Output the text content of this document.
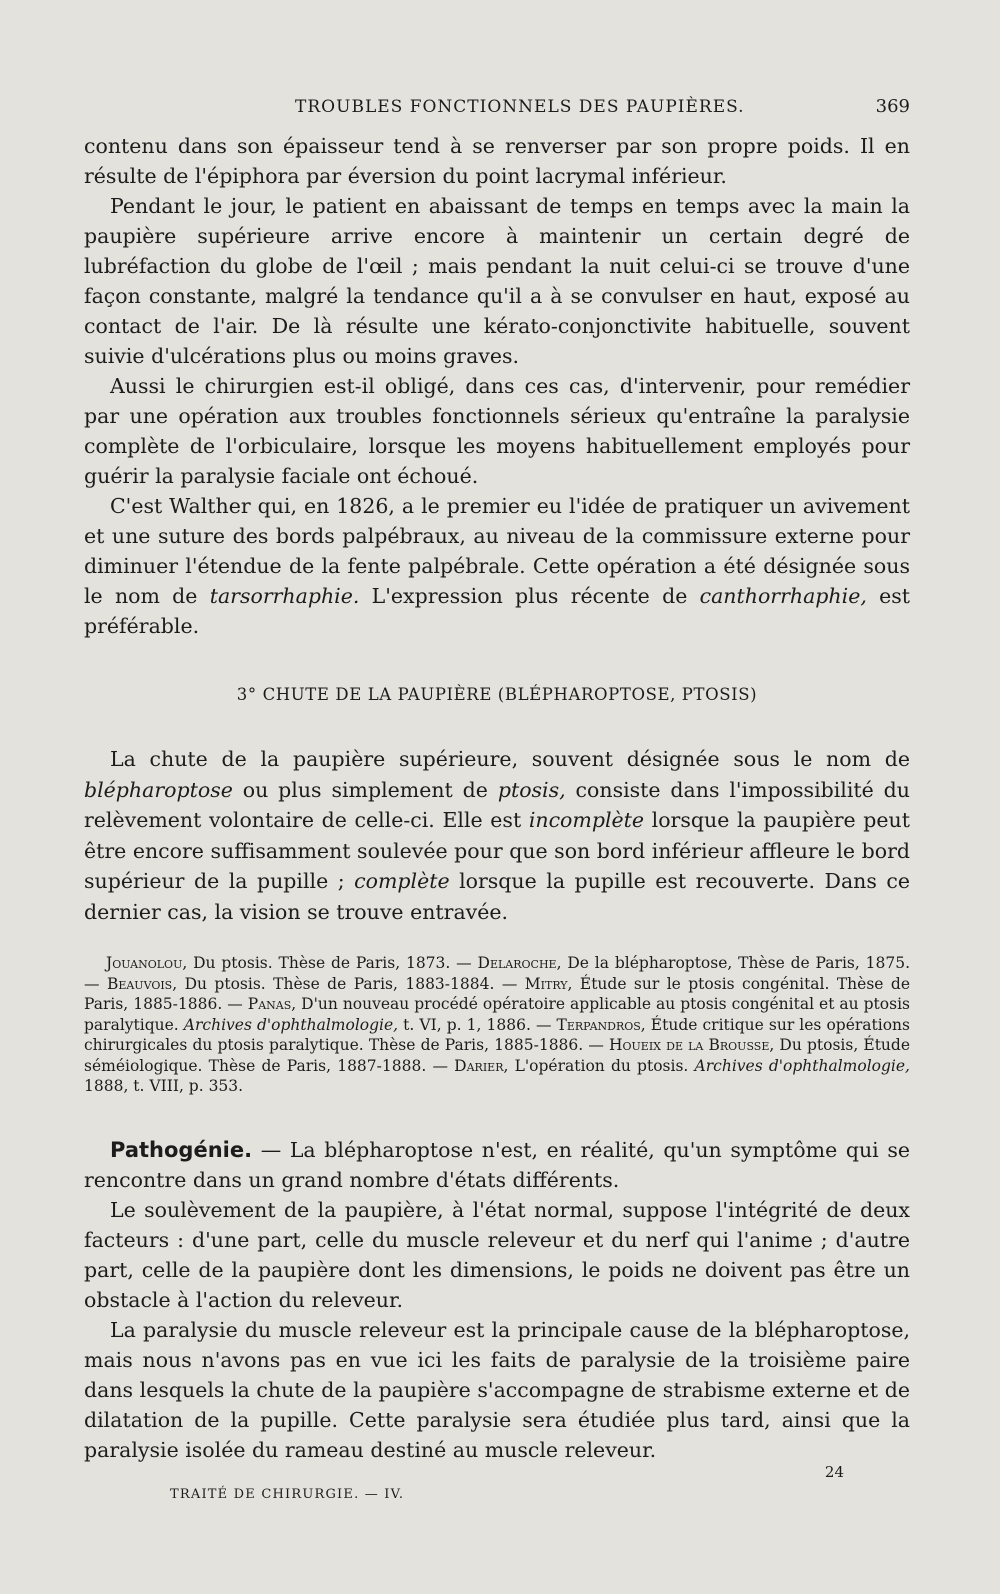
TROUBLES FONCTIONNELS DES PAUPIÈRES.	369

contenu dans son épaisseur tend à se renverser par son propre poids. Il en résulte de l'épiphora par éversion du point lacrymal inférieur.

Pendant le jour, le patient en abaissant de temps en temps avec la main la paupière supérieure arrive encore à maintenir un certain degré de lubréfaction du globe de l'œil ; mais pendant la nuit celui-ci se trouve d'une façon constante, malgré la tendance qu'il a à se convulser en haut, exposé au contact de l'air. De là résulte une kérato-conjonctivite habituelle, souvent suivie d'ulcérations plus ou moins graves.

Aussi le chirurgien est-il obligé, dans ces cas, d'intervenir, pour remédier par une opération aux troubles fonctionnels sérieux qu'entraîne la paralysie complète de l'orbiculaire, lorsque les moyens habituellement employés pour guérir la paralysie faciale ont échoué.

C'est Walther qui, en 1826, a le premier eu l'idée de pratiquer un avivement et une suture des bords palpébraux, au niveau de la commissure externe pour diminuer l'étendue de la fente palpébrale. Cette opération a été désignée sous le nom de tarsorrhaphie. L'expression plus récente de canthorrhaphie, est préférable.

3° CHUTE DE LA PAUPIÈRE (BLÉPHAROPTOSE, PTOSIS)

La chute de la paupière supérieure, souvent désignée sous le nom de blépharoptose ou plus simplement de ptosis, consiste dans l'impossibilité du relèvement volontaire de celle-ci. Elle est incomplète lorsque la paupière peut être encore suffisamment soulevée pour que son bord inférieur affleure le bord supérieur de la pupille ; complète lorsque la pupille est recouverte. Dans ce dernier cas, la vision se trouve entravée.

Jouanolou, Du ptosis. Thèse de Paris, 1873. — Delaroche, De la blépharoptose, Thèse de Paris, 1875. — Beauvois, Du ptosis. Thèse de Paris, 1883-1884. — Mitry, Étude sur le ptosis congénital. Thèse de Paris, 1885-1886. — Panas, D'un nouveau procédé opératoire applicable au ptosis congénital et au ptosis paralytique. Archives d'ophthalmologie, t. VI, p. 1, 1886. — Terpandros, Étude critique sur les opérations chirurgicales du ptosis paralytique. Thèse de Paris, 1885-1886. — Houeix de la Brousse, Du ptosis, Étude séméiologique. Thèse de Paris, 1887-1888. — Darier, L'opération du ptosis. Archives d'ophthalmologie, 1888, t. VIII, p. 353.

Pathogénie. — La blépharoptose n'est, en réalité, qu'un symptôme qui se rencontre dans un grand nombre d'états différents.

Le soulèvement de la paupière, à l'état normal, suppose l'intégrité de deux facteurs : d'une part, celle du muscle releveur et du nerf qui l'anime ; d'autre part, celle de la paupière dont les dimensions, le poids ne doivent pas être un obstacle à l'action du releveur.

La paralysie du muscle releveur est la principale cause de la blépharoptose, mais nous n'avons pas en vue ici les faits de paralysie de la troisième paire dans lesquels la chute de la paupière s'accompagne de strabisme externe et de dilatation de la pupille. Cette paralysie sera étudiée plus tard, ainsi que la paralysie isolée du rameau destiné au muscle releveur.

24
TRAITÉ DE CHIRURGIE. — IV.
